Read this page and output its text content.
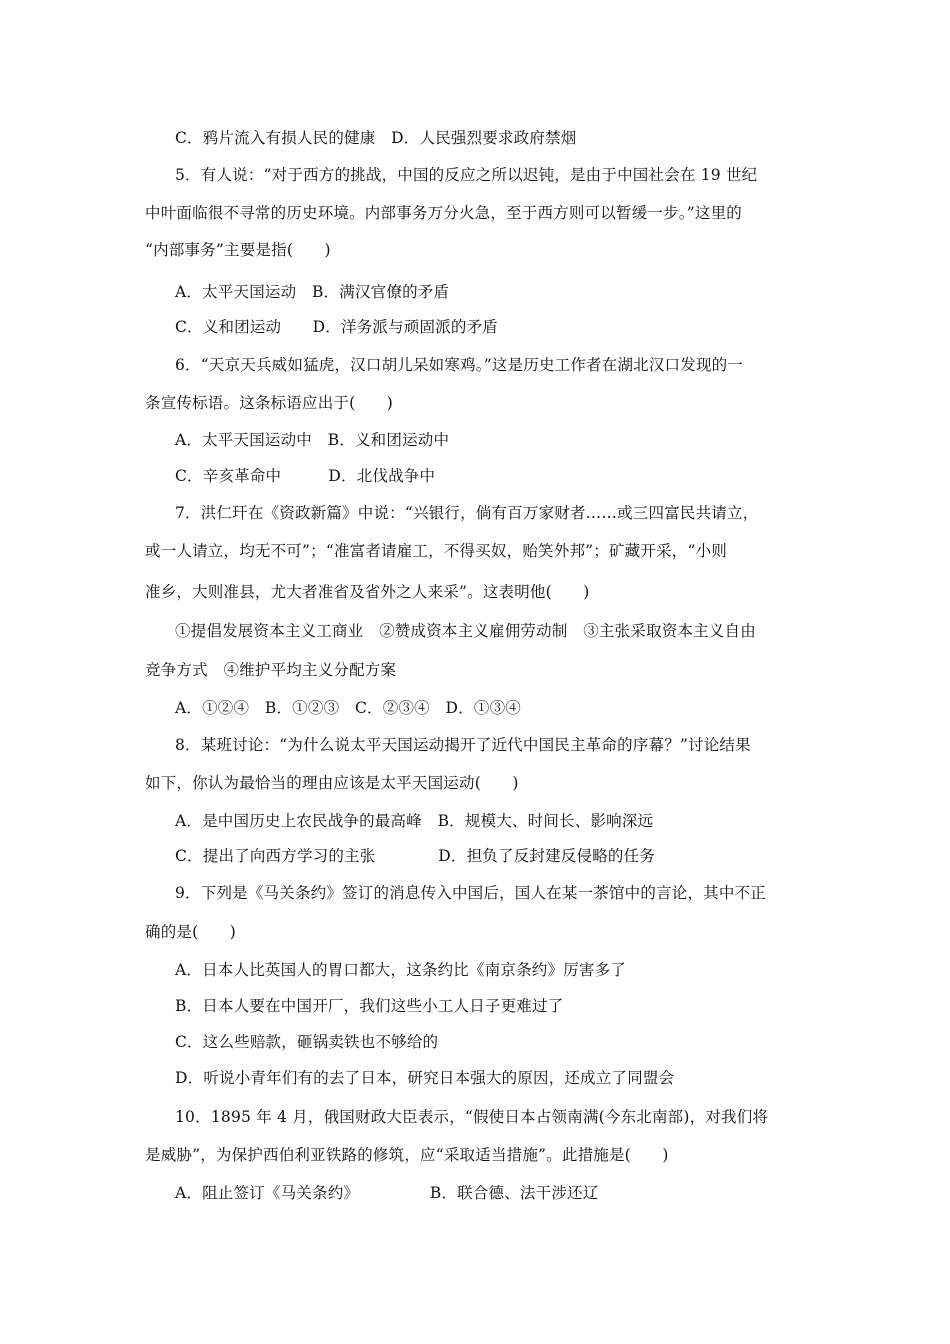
C．鸦片流入有损人民的健康　D．人民强烈要求政府禁烟
5．有人说：“对于西方的挑战，中国的反应之所以迟钝，是由于中国社会在 19 世纪
中叶面临很不寻常的历史环境。内部事务万分火急，至于西方则可以暂缓一步。”这里的
“内部事务”主要是指(　　)
A．太平天国运动　B．满汉官僚的矛盾
C．义和团运动　　D．洋务派与顽固派的矛盾
6．“天京天兵威如猛虎，汉口胡儿呆如寒鸡。”这是历史工作者在湖北汉口发现的一
条宣传标语。这条标语应出于(　　)
A．太平天国运动中　B．义和团运动中
C．辛亥革命中　　　D．北伐战争中
7．洪仁玕在《资政新篇》中说：“兴银行，倘有百万家财者……或三四富民共请立，
或一人请立，均无不可”；“准富者请雇工，不得买奴，贻笑外邦”；矿藏开采，“小则
准乡，大则准县，尤大者准省及省外之人来采”。这表明他(　　)
①提倡发展资本主义工商业　②赞成资本主义雇佣劳动制　③主张采取资本主义自由
竞争方式　④维护平均主义分配方案
A．①②④　B．①②③　C．②③④　D．①③④
8．某班讨论：“为什么说太平天国运动揭开了近代中国民主革命的序幕？”讨论结果
如下，你认为最恰当的理由应该是太平天国运动(　　)
A．是中国历史上农民战争的最高峰　B．规模大、时间长、影响深远
C．提出了向西方学习的主张　　　　D．担负了反封建反侵略的任务
9．下列是《马关条约》签订的消息传入中国后，国人在某一茶馆中的言论，其中不正
确的是(　　)
A．日本人比英国人的胃口都大，这条约比《南京条约》厉害多了
B．日本人要在中国开厂，我们这些小工人日子更难过了
C．这么些赔款，砸锅卖铁也不够给的
D．听说小青年们有的去了日本，研究日本强大的原因，还成立了同盟会
10．1895 年 4 月，俄国财政大臣表示，“假使日本占领南满(今东北南部)，对我们将
是威胁”，为保护西伯利亚铁路的修筑，应“采取适当措施”。此措施是(　　)
A．阻止签订《马关条约》　　　　　B．联合德、法干涉还辽
